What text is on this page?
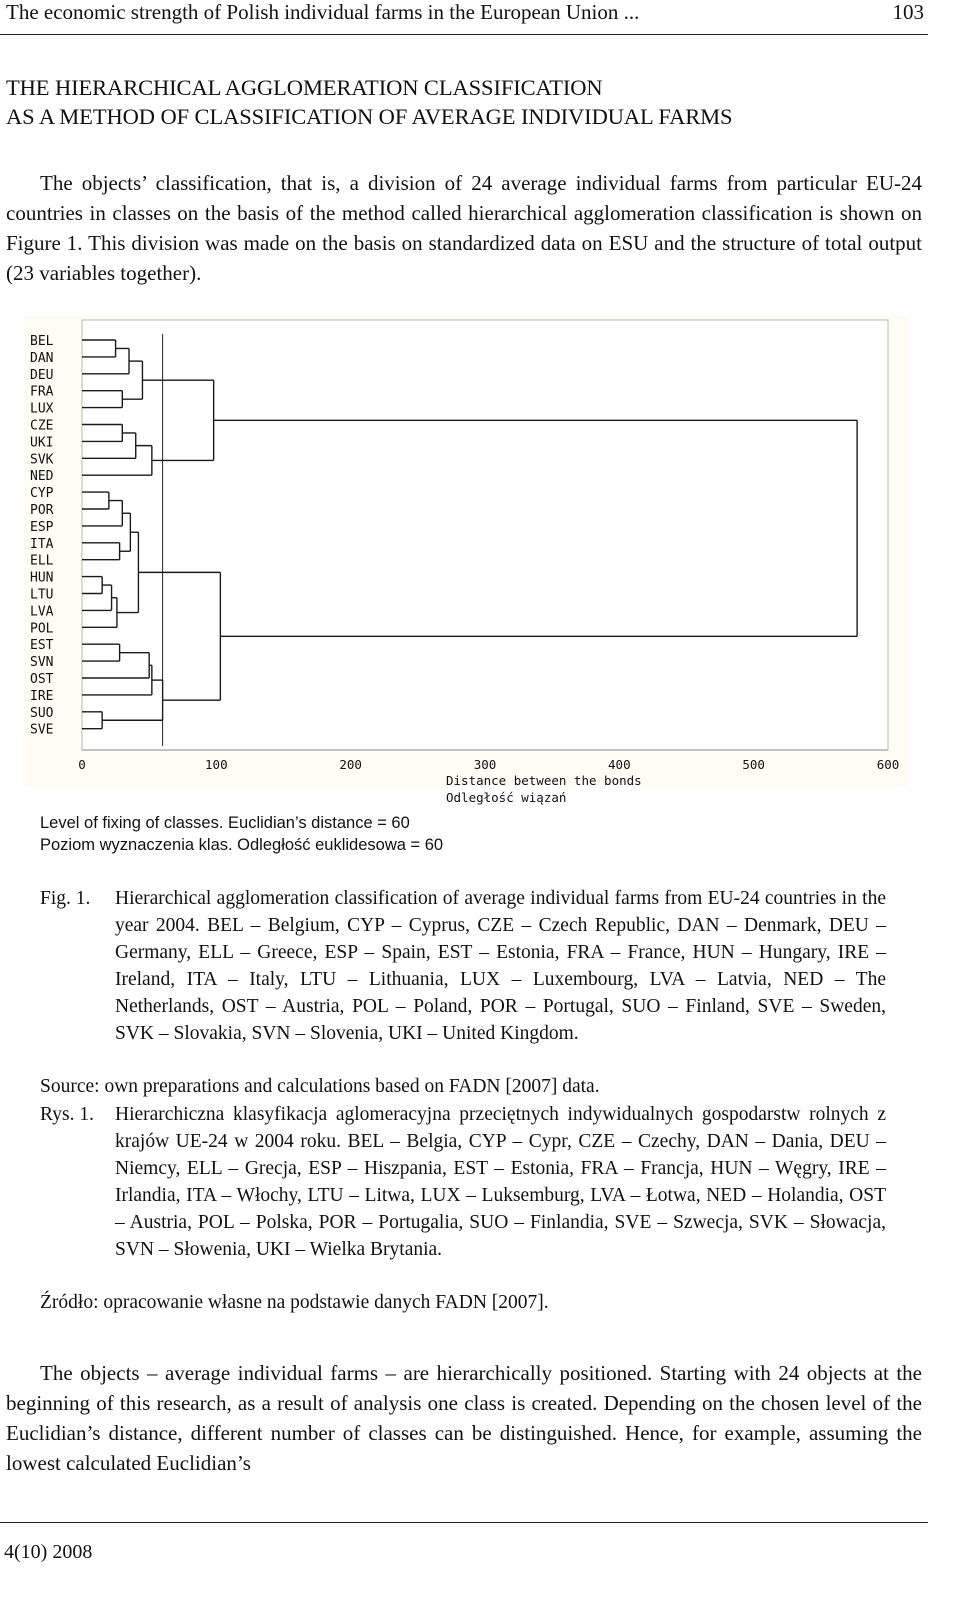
The economic strength of Polish individual farms in the European Union ...	103
THE HIERARCHICAL AGGLOMERATION CLASSIFICATION
AS A METHOD OF CLASSIFICATION OF AVERAGE INDIVIDUAL FARMS

The objects’ classification, that is, a division of 24 average individual farms from particular EU-24 countries in classes on the basis of the method called hierarchical agglomeration classification is shown on Figure 1. This division was made on the basis on standardized data on ESU and the structure of total output (23 variables together).

BEL
DAN
DEU
FRA
LUX
CZE
UKI
SVK
NED
CYP
POR
ESP
ITA
ELL
HUN
LTU
LVA
POL
EST
SVN
OST
IRE
SUO
SVE
0	100	200	300	400	500	600
Distance between the bonds
Level of fixing of classes. Euclidian’s distance = 60
Poziom wyznaczenia klas. Odległość euklidesowa = 60
Fig. 1. Hierarchical agglomeration classification of average individual farms from EU-24 countries in the year 2004. BEL – Belgium, CYP – Cyprus, CZE – Czech Republic, DAN – Denmark, DEU – Germany, ELL – Greece, ESP – Spain, EST – Estonia, FRA – France, HUN – Hungary, IRE – Ireland, ITA – Italy, LTU – Lithuania, LUX – Luxembourg, LVA – Latvia, NED – The Netherlands, OST – Austria, POL – Poland, POR – Portugal, SUO – Finland, SVE – Sweden, SVK – Slovakia, SVN – Slovenia, UKI – United Kingdom.
Source: own preparations and calculations based on FADN [2007] data.
Rys. 1. Hierarchiczna klasyfikacja aglomeracyjna przeciętnych indywidualnych gospodarstw rolnych z krajów UE-24 w 2004 roku. BEL – Belgia, CYP – Cypr, CZE – Czechy, DAN – Dania, DEU – Niemcy, ELL – Grecja, ESP – Hiszpania, EST – Estonia, FRA – Francja, HUN – Węgry, IRE – Irlandia, ITA – Włochy, LTU – Litwa, LUX – Luksemburg, LVA – Łotwa, NED – Holandia, OST – Austria, POL – Polska, POR – Portugalia, SUO – Finlandia, SVE – Szwecja, SVK – Słowacja, SVN – Słowenia, UKI – Wielka Brytania.
Źródło: opracowanie własne na podstawie danych FADN [2007].

The objects – average individual farms – are hierarchically positioned. Starting with 24 objects at the beginning of this research, as a result of analysis one class is created. Depending on the chosen level of the Euclidian’s distance, different number of classes can be distinguished. Hence, for example, assuming the lowest calculated Euclidian’s

4(10) 2008
Odległość wiązań
